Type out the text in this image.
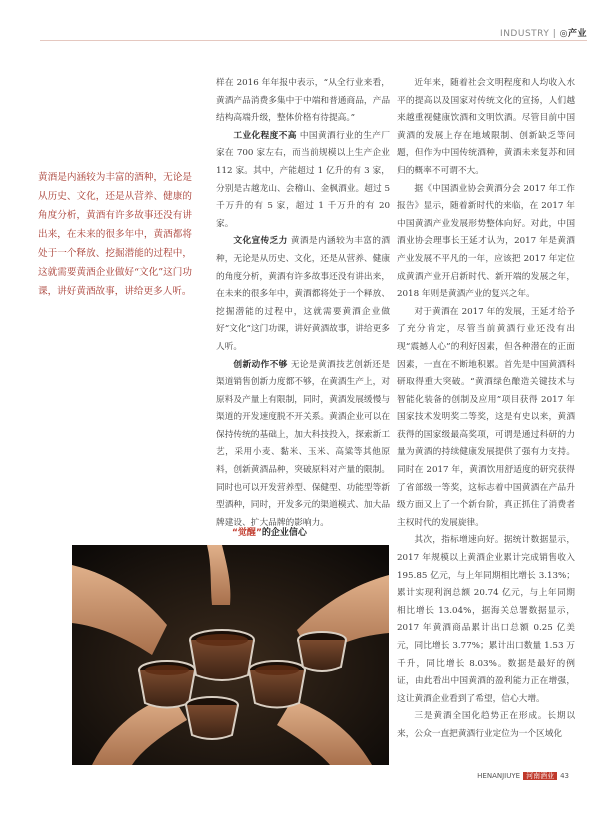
INDUSTRY | ◎产业
黄酒是内涵较为丰富的酒种，无论是从历史、文化，还是从营养、健康的角度分析，黄酒有许多故事还没有讲出来，在未来的很多年中，黄酒都将处于一个释放、挖掘潜能的过程中，这就需要黄酒企业做好“文化”这门功课，讲好黄酒故事，讲给更多人听。

样在 2016 年年报中表示，“从全行业来看，黄酒产品消费多集中于中端和普通商品，产品结构高端升级，整体价格有待提高。”

工业化程度不高 中国黄酒行业的生产厂家在 700 家左右，而当前规模以上生产企业 112 家。其中，产能超过 1 亿升的有 3 家，分别是古越龙山、会稽山、金枫酒业。超过 5 千万升的有 5 家，超过 1 千万升的有 20 家。

文化宣传乏力 黄酒是内涵较为丰富的酒种，无论是从历史、文化，还是从营养、健康的角度分析，黄酒有许多故事还没有讲出来，在未来的很多年中，黄酒都将处于一个释放、挖掘潜能的过程中，这就需要黄酒企业做好“文化”这门功课，讲好黄酒故事，讲给更多人听。

创新动作不够 无论是黄酒技艺创新还是渠道销售创新力度都不够，在黄酒生产上，对原料及产量上有限制，同时，黄酒发展缓慢与渠道的开发速度脱不开关系。黄酒企业可以在保持传统的基础上，加大科技投入，探索新工艺，采用小麦、黏米、玉米、高粱等其他原料，创新黄酒品种，突破原料对产量的限制。同时也可以开发营养型、保健型、功能型等新型酒种，同时，开发多元的渠道模式、加大品牌建设、扩大品牌的影响力。

“觉醒”的企业信心

近年来，随着社会文明程度和人均收入水平的提高以及国家对传统文化的宣扬，人们越来越重视健康饮酒和文明饮酒。尽管目前中国黄酒的发展上存在地域限制、创新缺乏等问题，但作为中国传统酒种，黄酒未来复苏和回归的概率不可谓不大。

据《中国酒业协会黄酒分会 2017 年工作报告》显示，随着新时代的来临，在 2017 年中国黄酒产业发展形势整体向好。对此，中国酒业协会理事长王延才认为，2017 年是黄酒产业发展不平凡的一年，应该把 2017 年定位成黄酒产业开启新时代、新开端的发展之年，2018 年则是黄酒产业的复兴之年。

对于黄酒在 2017 年的发展，王延才给予了充分肯定，尽管当前黄酒行业还没有出现“震撼人心”的利好因素，但各种潜在的正面因素，一直在不断地积累。首先是中国黄酒科研取得重大突破。“黄酒绿色酿造关键技术与智能化装备的创制及应用”项目获得 2017 年国家技术发明奖二等奖，这是有史以来，黄酒获得的国家级最高奖项，可谓是通过科研的力量为黄酒的持续健康发展提供了强有力支持。同时在 2017 年，黄酒饮用舒适度的研究获得了省部级一等奖，这标志着中国黄酒在产品升级方面又上了一个新台阶，真正抓住了消费者主权时代的发展旋律。

其次，指标增速向好。据统计数据显示，2017 年规模以上黄酒企业累计完成销售收入 195.85 亿元，与上年同期相比增长 3.13%；累计实现利润总额 20.74 亿元，与上年同期相比增长 13.04%，据海关总署数据显示，2017 年黄酒商品累计出口总额 0.25 亿美元，同比增长 3.77%；累计出口数量 1.53 万千升，同比增长 8.03%。数据是最好的例证，由此看出中国黄酒的盈利能力正在增强，这让黄酒企业看到了希望，信心大增。

三是黄酒全国化趋势正在形成。长期以来，公众一直把黄酒行业定位为一个区域化

HENANJIUYE 河南酒业 43
